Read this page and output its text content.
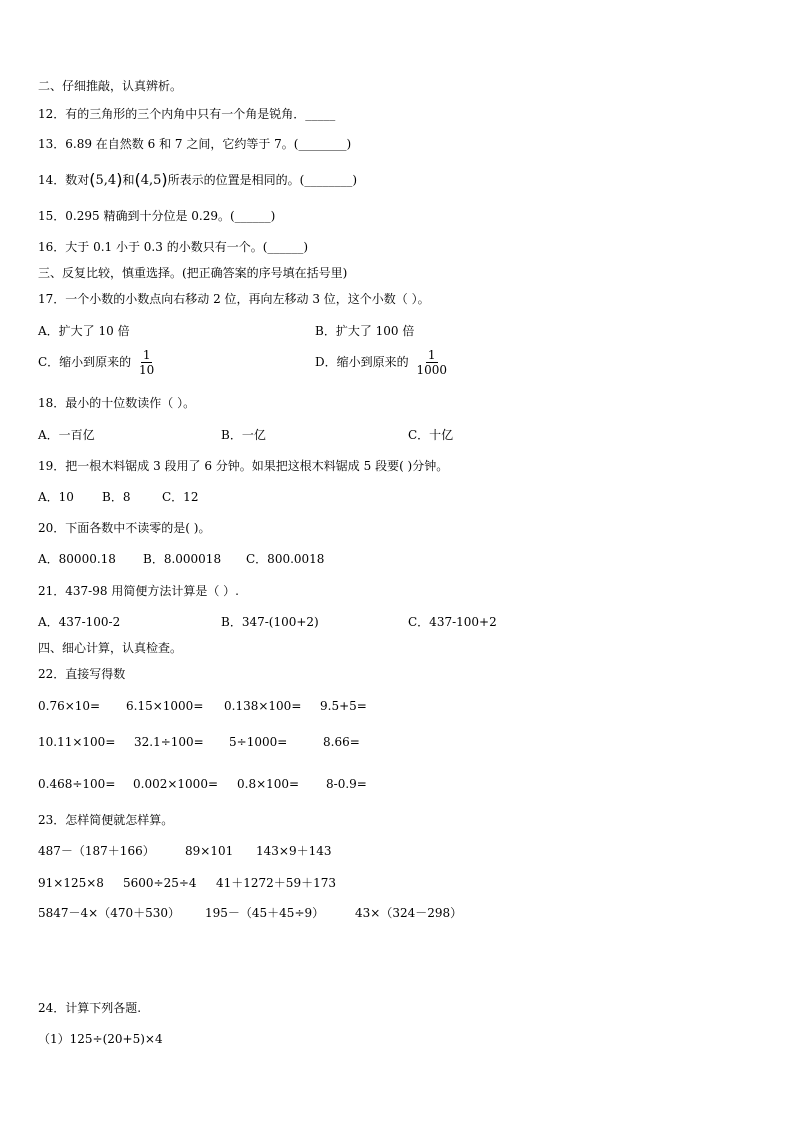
二、仔细推敲，认真辨析。
12．有的三角形的三个内角中只有一个角是锐角．_____
13．6.89 在自然数 6 和 7 之间，它约等于 7。(________)
14．数对(5,4)和(4,5)所表示的位置是相同的。(________)
15．0.295 精确到十分位是 0.29。(______)
16．大于 0.1 小于 0.3 的小数只有一个。(______)
三、反复比较，慎重选择。(把正确答案的序号填在括号里)
17．一个小数的小数点向右移动 2 位，再向左移动 3 位，这个小数（ ）。
A．扩大了 10 倍	B．扩大了 100 倍
C．缩小到原来的 $\frac{1}{10}$	D．缩小到原来的 $\frac{1}{1000}$
18．最小的十位数读作（ ）。
A．一百亿	B．一亿	C．十亿
19．把一根木料锯成 3 段用了 6 分钟。如果把这根木料锯成 5 段要( )分钟。
A．10 B．8	C．12
20．下面各数中不读零的是( )。
A．80000.18 B．8.000018 C．800.0018
21．437-98 用简便方法计算是（ ）.
A．437-100-2	B．347-(100+2)	C．437-100+2
四、细心计算，认真检查。
22．直接写得数
0.76×10= 6.15×1000= 0.138×100= 9.5+5=
10.11×100= 32.1÷100= 5÷1000=	8.66=
0.468÷100= 0.002×1000= 0.8×100= 8-0.9=
23．怎样简便就怎样算。
487－（187＋166）	89×101 143×9＋143
91×125×8 5600÷25÷4 41＋1272＋59＋173
5847－4×（470＋530） 195－（45＋45÷9）	43×（324－298）
24．计算下列各题.
（1）125÷(20+5)×4
